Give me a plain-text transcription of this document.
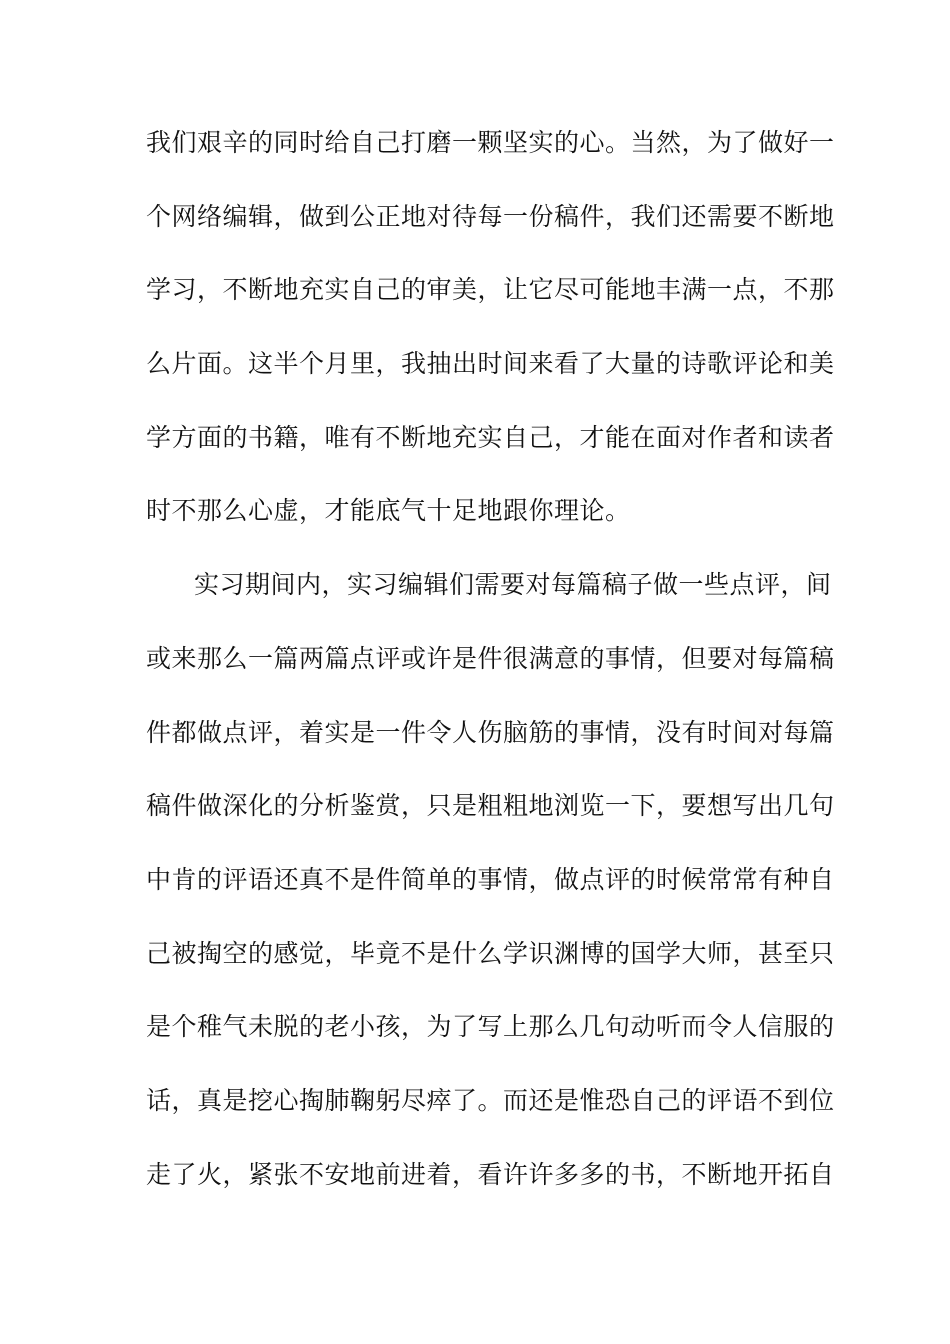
我们艰辛的同时给自己打磨一颗坚实的心。当然，为了做好一
个网络编辑，做到公正地对待每一份稿件，我们还需要不断地
学习，不断地充实自己的审美，让它尽可能地丰满一点，不那
么片面。这半个月里，我抽出时间来看了大量的诗歌评论和美
学方面的书籍，唯有不断地充实自己，才能在面对作者和读者
时不那么心虚，才能底气十足地跟你理论。
实习期间内，实习编辑们需要对每篇稿子做一些点评，间
或来那么一篇两篇点评或许是件很满意的事情，但要对每篇稿
件都做点评，着实是一件令人伤脑筋的事情，没有时间对每篇
稿件做深化的分析鉴赏，只是粗粗地浏览一下，要想写出几句
中肯的评语还真不是件简单的事情，做点评的时候常常有种自
己被掏空的感觉，毕竟不是什么学识渊博的国学大师，甚至只
是个稚气未脱的老小孩，为了写上那么几句动听而令人信服的
话，真是挖心掏肺鞠躬尽瘁了。而还是惟恐自己的评语不到位
走了火，紧张不安地前进着，看许许多多的书，不断地开拓自
